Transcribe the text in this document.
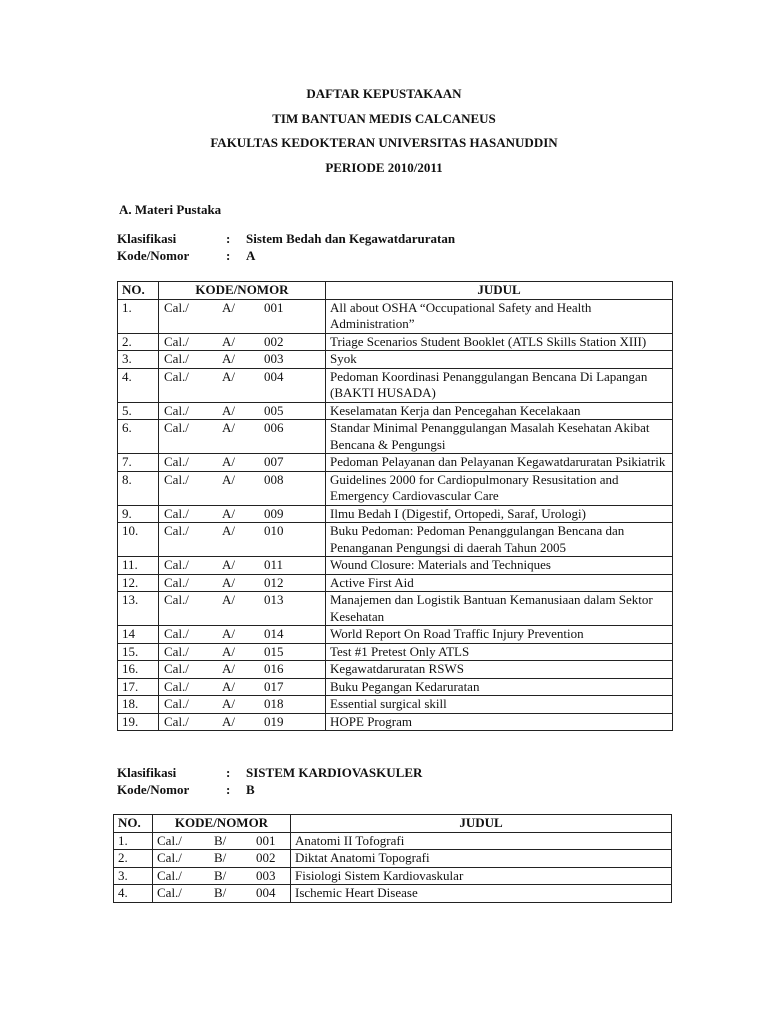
DAFTAR KEPUSTAKAAN
TIM BANTUAN MEDIS CALCANEUS
FAKULTAS KEDOKTERAN UNIVERSITAS HASANUDDIN
PERIODE 2010/2011
A. Materi Pustaka
Klasifikasi	:	Sistem Bedah dan Kegawatdaruratan
Kode/Nomor	:	A
NO.	KODE/NOMOR	JUDUL
1.	Cal./ A/ 001	All about OSHA “Occupational Safety and Health Administration”
2.	Cal./ A/ 002	Triage Scenarios Student Booklet (ATLS Skills Station XIII)
3.	Cal./ A/ 003	Syok
4.	Cal./ A/ 004	Pedoman Koordinasi Penanggulangan Bencana Di Lapangan (BAKTI HUSADA)
5.	Cal./ A/ 005	Keselamatan Kerja dan Pencegahan Kecelakaan
6.	Cal./ A/ 006	Standar Minimal Penanggulangan Masalah Kesehatan Akibat Bencana & Pengungsi
7.	Cal./ A/ 007	Pedoman Pelayanan dan Pelayanan Kegawatdaruratan Psikiatrik
8.	Cal./ A/ 008	Guidelines 2000 for Cardiopulmonary Resusitation and Emergency Cardiovascular Care
9.	Cal./ A/ 009	Ilmu Bedah I (Digestif, Ortopedi, Saraf, Urologi)
10.	Cal./ A/ 010	Buku Pedoman: Pedoman Penanggulangan Bencana dan Penanganan Pengungsi di daerah Tahun 2005
11.	Cal./ A/ 011	Wound Closure: Materials and Techniques
12.	Cal./ A/ 012	Active First Aid
13.	Cal./ A/ 013	Manajemen dan Logistik Bantuan Kemanusiaan dalam Sektor Kesehatan
14	Cal./ A/ 014	World Report On Road Traffic Injury Prevention
15.	Cal./ A/ 015	Test #1 Pretest Only ATLS
16.	Cal./ A/ 016	Kegawatdaruratan RSWS
17.	Cal./ A/ 017	Buku Pegangan Kedaruratan
18.	Cal./ A/ 018	Essential surgical skill
19.	Cal./ A/ 019	HOPE Program
Klasifikasi	:	SISTEM KARDIOVASKULER
Kode/Nomor	:	B
NO.	KODE/NOMOR	JUDUL
1.	Cal./ B/ 001	Anatomi II Tofografi
2.	Cal./ B/ 002	Diktat Anatomi Topografi
3.	Cal./ B/ 003	Fisiologi Sistem Kardiovaskular
4.	Cal./ B/ 004	Ischemic Heart Disease
